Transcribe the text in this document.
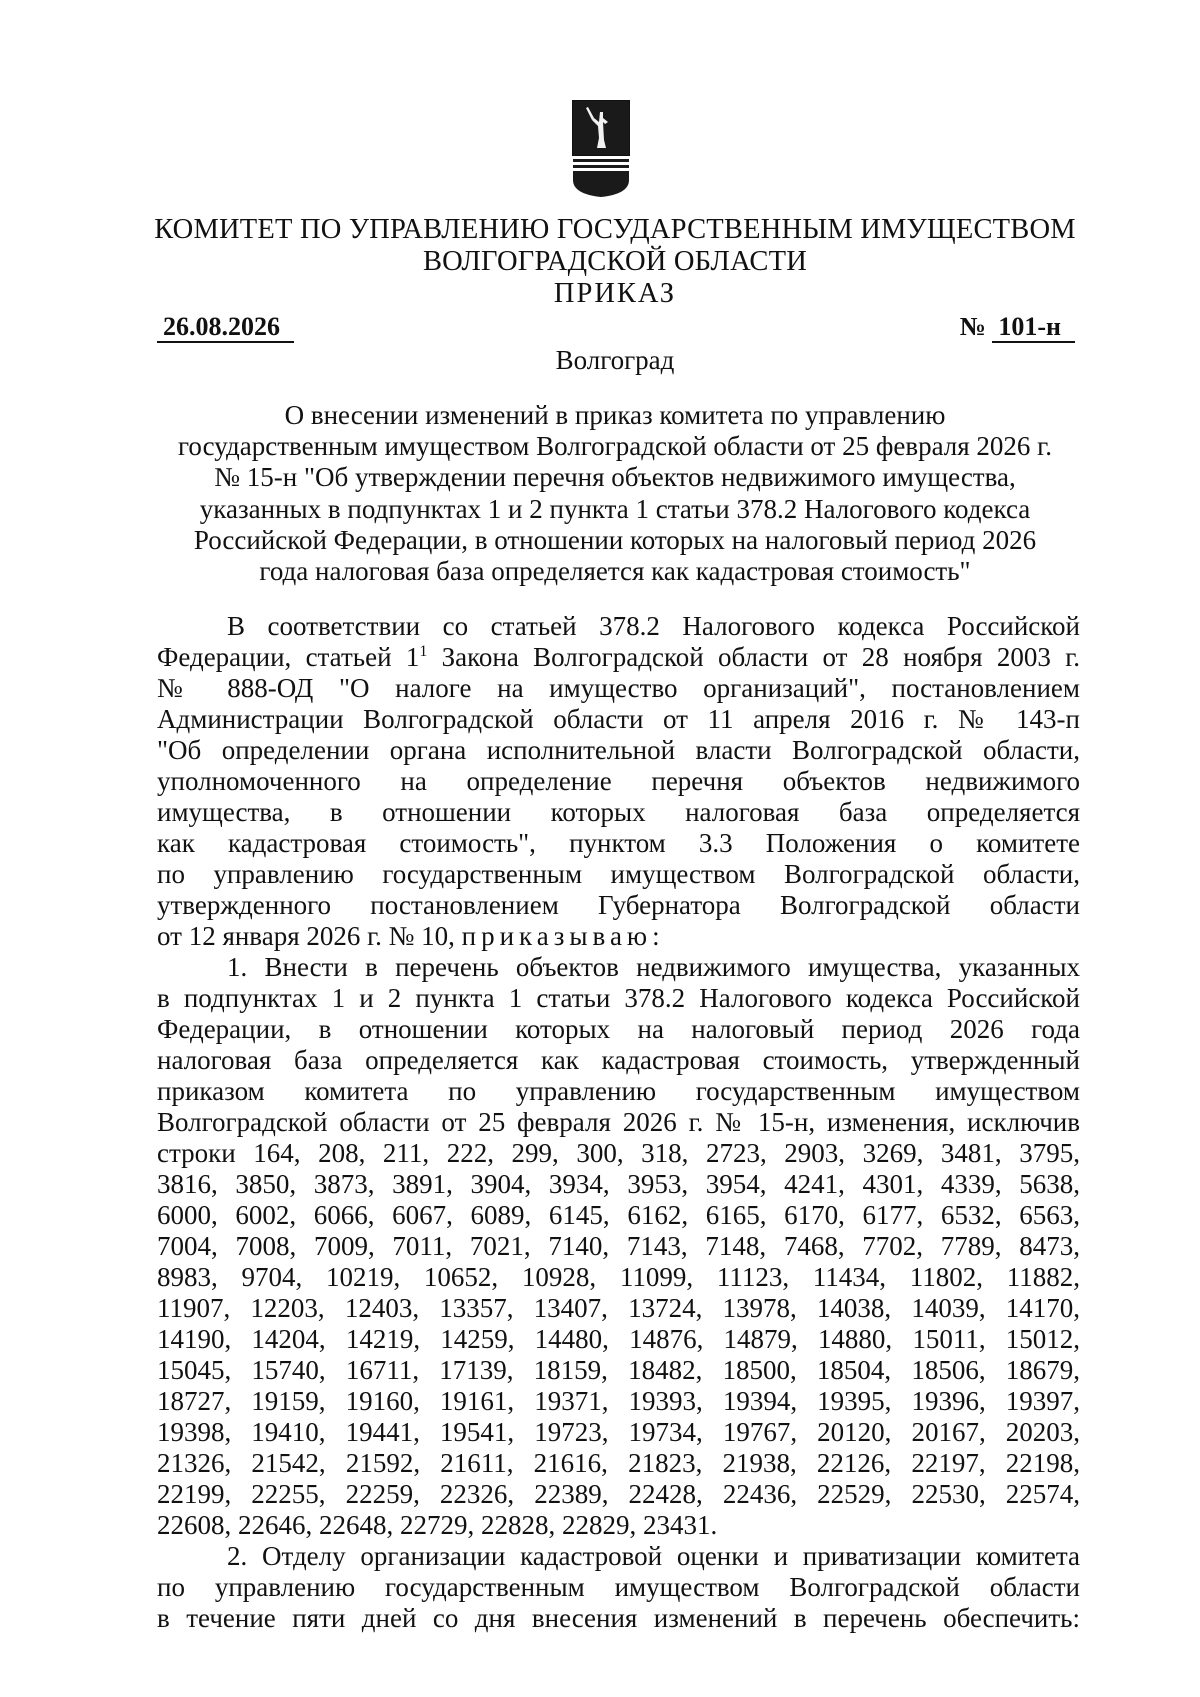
КОМИТЕТ ПО УПРАВЛЕНИЮ ГОСУДАРСТВЕННЫМ ИМУЩЕСТВОМ
ВОЛГОГРАДСКОЙ ОБЛАСТИ
ПРИКАЗ
26.08.2026	№ 101-н
Волгоград
О внесении изменений в приказ комитета по управлению
государственным имуществом Волгоградской области от 25 февраля 2026 г.
№ 15-н "Об утверждении перечня объектов недвижимого имущества,
указанных в подпунктах 1 и 2 пункта 1 статьи 378.2 Налогового кодекса
Российской Федерации, в отношении которых на налоговый период 2026
года налоговая база определяется как кадастровая стоимость"
В соответствии со статьей 378.2 Налогового кодекса Российской
Федерации, статьей $1^1$ Закона Волгоградской области от 28 ноября 2003 г.
№ 888-ОД "О налоге на имущество организаций", постановлением
Администрации Волгоградской области от 11 апреля 2016 г. № 143-п
"Об определении органа исполнительной власти Волгоградской области,
уполномоченного на определение перечня объектов недвижимого
имущества, в отношении которых налоговая база определяется
как кадастровая стоимость", пунктом 3.3 Положения о комитете
по управлению государственным имуществом Волгоградской области,
утвержденного постановлением Губернатора Волгоградской области
от 12 января 2026 г. № 10, приказываю:
1. Внести в перечень объектов недвижимого имущества, указанных
в подпунктах 1 и 2 пункта 1 статьи 378.2 Налогового кодекса Российской
Федерации, в отношении которых на налоговый период 2026 года
налоговая база определяется как кадастровая стоимость, утвержденный
приказом комитета по управлению государственным имуществом
Волгоградской области от 25 февраля 2026 г. № 15-н, изменения, исключив
строки 164, 208, 211, 222, 299, 300, 318, 2723, 2903, 3269, 3481, 3795,
3816, 3850, 3873, 3891, 3904, 3934, 3953, 3954, 4241, 4301, 4339, 5638,
6000, 6002, 6066, 6067, 6089, 6145, 6162, 6165, 6170, 6177, 6532, 6563,
7004, 7008, 7009, 7011, 7021, 7140, 7143, 7148, 7468, 7702, 7789, 8473,
8983, 9704, 10219, 10652, 10928, 11099, 11123, 11434, 11802, 11882,
11907, 12203, 12403, 13357, 13407, 13724, 13978, 14038, 14039, 14170,
14190, 14204, 14219, 14259, 14480, 14876, 14879, 14880, 15011, 15012,
15045, 15740, 16711, 17139, 18159, 18482, 18500, 18504, 18506, 18679,
18727, 19159, 19160, 19161, 19371, 19393, 19394, 19395, 19396, 19397,
19398, 19410, 19441, 19541, 19723, 19734, 19767, 20120, 20167, 20203,
21326, 21542, 21592, 21611, 21616, 21823, 21938, 22126, 22197, 22198,
22199, 22255, 22259, 22326, 22389, 22428, 22436, 22529, 22530, 22574,
22608, 22646, 22648, 22729, 22828, 22829, 23431.
2. Отделу организации кадастровой оценки и приватизации комитета
по управлению государственным имуществом Волгоградской области
в течение пяти дней со дня внесения изменений в перечень обеспечить:
